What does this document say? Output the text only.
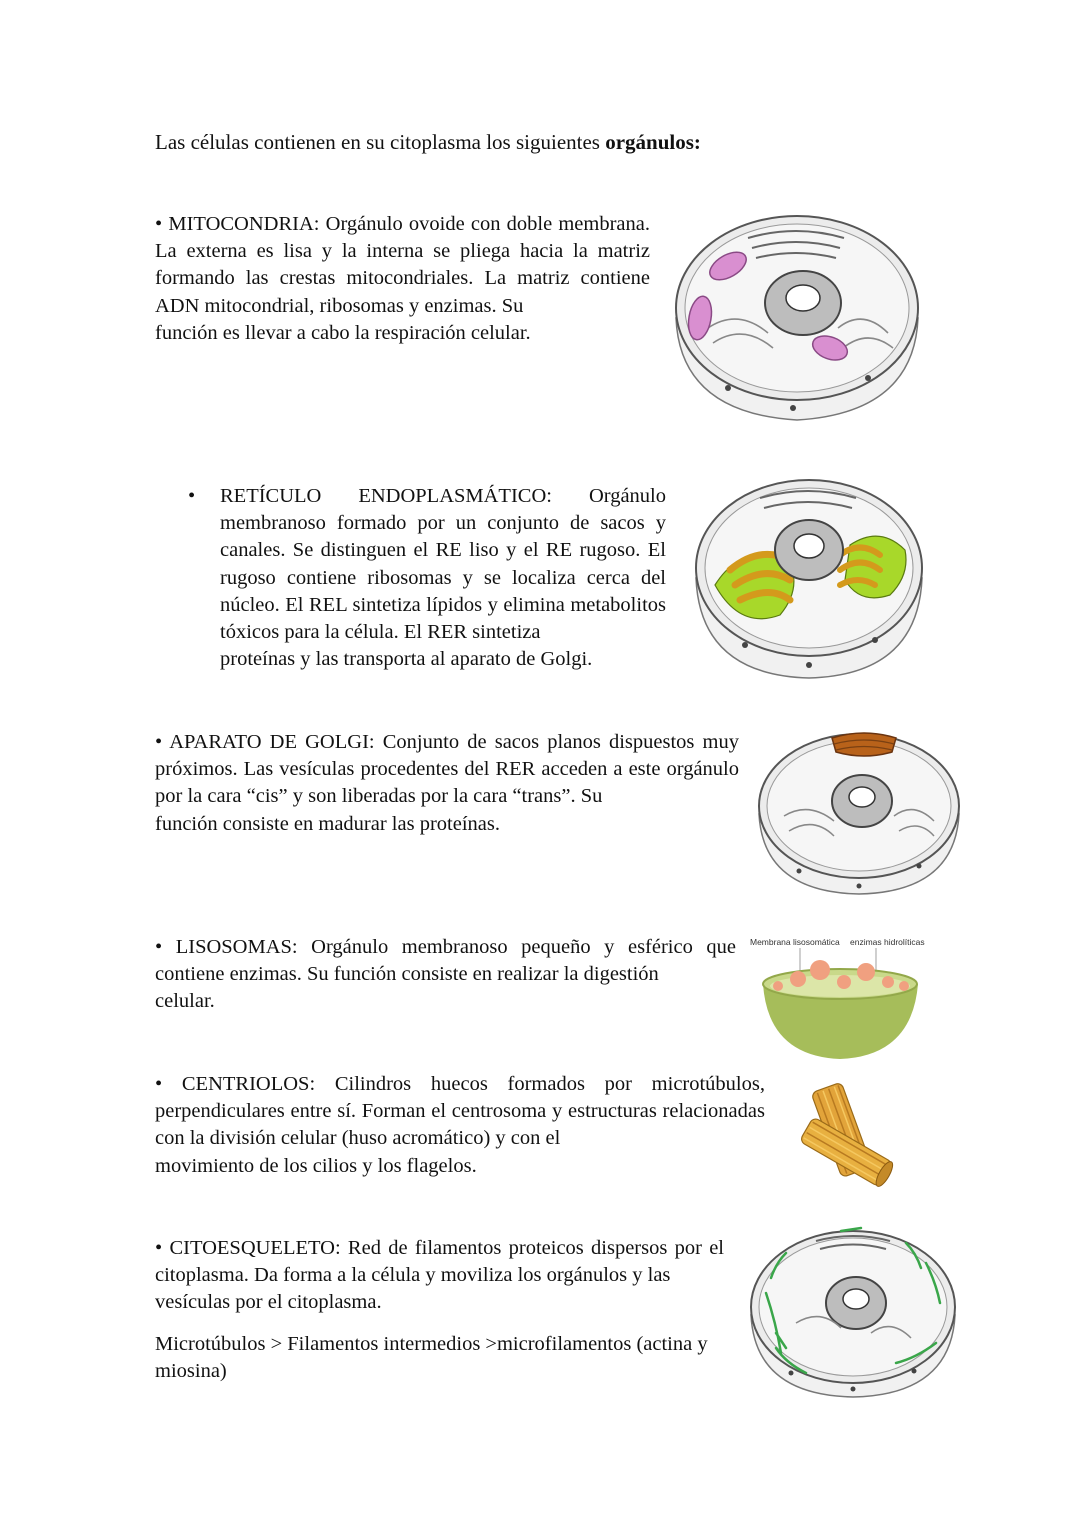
Las células contienen en su citoplasma los siguientes orgánulos:
• MITOCONDRIA: Orgánulo ovoide con doble membrana. La externa es lisa y la interna se pliega hacia la matriz formando las crestas mitocondriales. La matriz contiene ADN mitocondrial, ribosomas y enzimas. Su
función es llevar a cabo la respiración celular.
• RETÍCULO ENDOPLASMÁTICO: Orgánulo membranoso formado por un conjunto de sacos y canales. Se distinguen el RE liso y el RE rugoso. El rugoso contiene ribosomas y se localiza cerca del núcleo. El REL sintetiza lípidos y elimina metabolitos tóxicos para la célula. El RER sintetiza
proteínas y las transporta al aparato de Golgi.
• APARATO DE GOLGI: Conjunto de sacos planos dispuestos muy próximos. Las vesículas procedentes del RER acceden a este orgánulo por la cara “cis” y son liberadas por la cara “trans”. Su
función consiste en madurar las proteínas.
• LISOSOMAS: Orgánulo membranoso pequeño y esférico que contiene enzimas. Su función consiste en realizar la digestión
celular.
Membrana lisosomática enzimas hidrolíticas
• CENTRIOLOS: Cilindros huecos formados por microtúbulos, perpendiculares entre sí. Forman el centrosoma y estructuras relacionadas con la división celular (huso acromático) y con el
movimiento de los cilios y los flagelos.
• CITOESQUELETO: Red de filamentos proteicos dispersos por el citoplasma. Da forma a la célula y moviliza los orgánulos y las
vesículas por el citoplasma.
Microtúbulos > Filamentos intermedios >microfilamentos (actina y miosina)
